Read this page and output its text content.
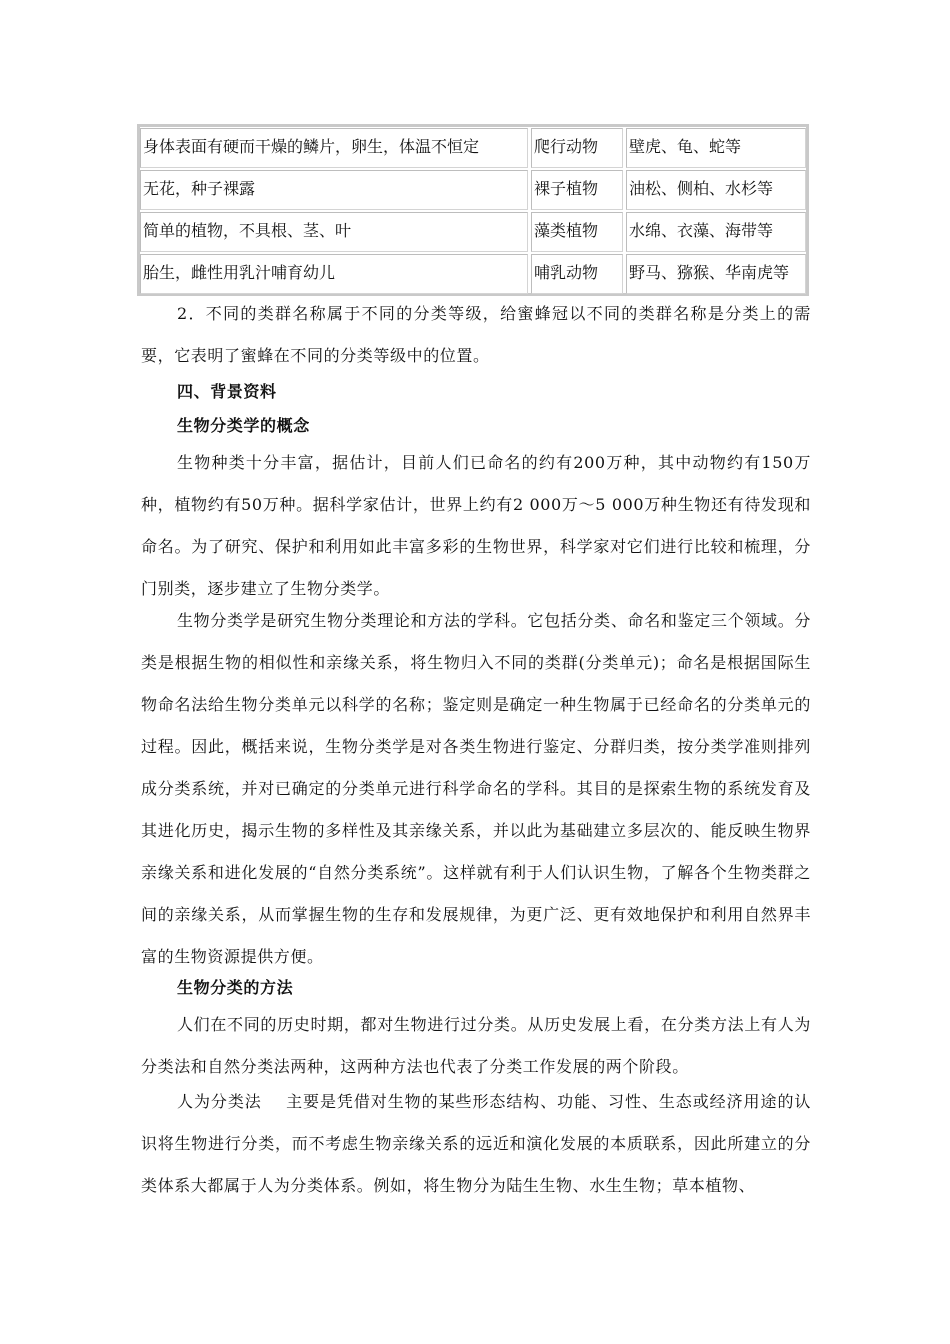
身体表面有硬而干燥的鳞片，卵生，体温不恒定	爬行动物	壁虎、龟、蛇等
无花，种子裸露	裸子植物	油松、侧柏、水杉等
简单的植物，不具根、茎、叶	藻类植物	水绵、衣藻、海带等
胎生，雌性用乳汁哺育幼儿	哺乳动物	野马、猕猴、华南虎等

2．不同的类群名称属于不同的分类等级，给蜜蜂冠以不同的类群名称是分类上的需要，它表明了蜜蜂在不同的分类等级中的位置。

四、背景资料

生物分类学的概念

生物种类十分丰富，据估计，目前人们已命名的约有200万种，其中动物约有150万种，植物约有50万种。据科学家估计，世界上约有2 000万～5 000万种生物还有待发现和命名。为了研究、保护和利用如此丰富多彩的生物世界，科学家对它们进行比较和梳理，分门别类，逐步建立了生物分类学。

生物分类学是研究生物分类理论和方法的学科。它包括分类、命名和鉴定三个领域。分类是根据生物的相似性和亲缘关系，将生物归入不同的类群(分类单元)；命名是根据国际生物命名法给生物分类单元以科学的名称；鉴定则是确定一种生物属于已经命名的分类单元的过程。因此，概括来说，生物分类学是对各类生物进行鉴定、分群归类，按分类学准则排列成分类系统，并对已确定的分类单元进行科学命名的学科。其目的是探索生物的系统发育及其进化历史，揭示生物的多样性及其亲缘关系，并以此为基础建立多层次的、能反映生物界亲缘关系和进化发展的“自然分类系统”。这样就有利于人们认识生物，了解各个生物类群之间的亲缘关系，从而掌握生物的生存和发展规律，为更广泛、更有效地保护和利用自然界丰富的生物资源提供方便。

生物分类的方法

人们在不同的历史时期，都对生物进行过分类。从历史发展上看，在分类方法上有人为分类法和自然分类法两种，这两种方法也代表了分类工作发展的两个阶段。

人为分类法 主要是凭借对生物的某些形态结构、功能、习性、生态或经济用途的认识将生物进行分类，而不考虑生物亲缘关系的远近和演化发展的本质联系，因此所建立的分类体系大都属于人为分类体系。例如，将生物分为陆生生物、水生生物；草本植物、
